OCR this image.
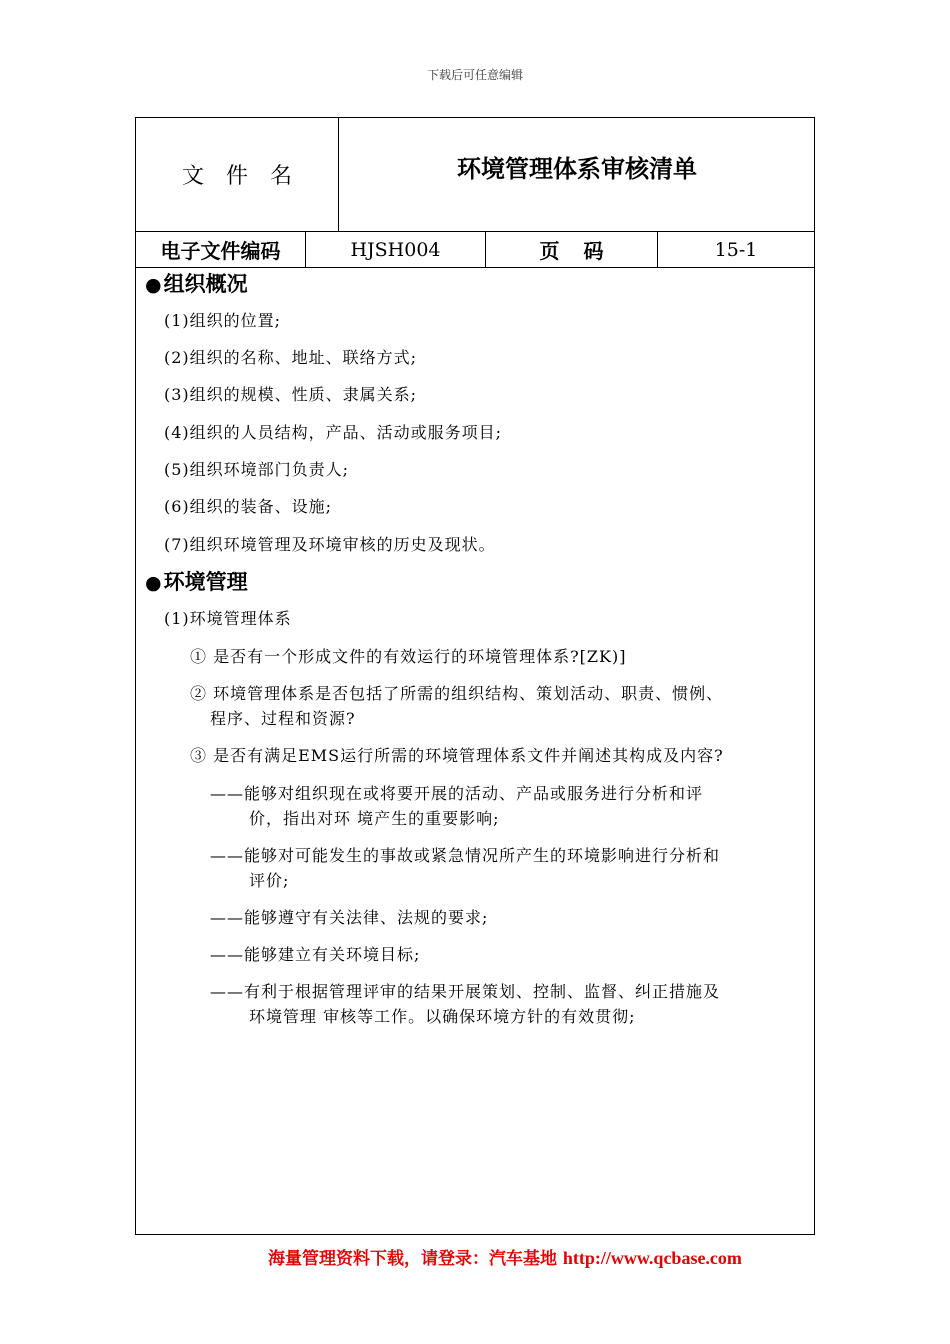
下载后可任意编辑
文件名	环境管理体系审核清单
电子文件编码	HJSH004	页码	15-1
●组织概况
(1)组织的位置;
(2)组织的名称、地址、联络方式;
(3)组织的规模、性质、隶属关系;
(4)组织的人员结构，产品、活动或服务项目;
(5)组织环境部门负责人;
(6)组织的装备、设施;
(7)组织环境管理及环境审核的历史及现状。
●环境管理
(1)环境管理体系
① 是否有一个形成文件的有效运行的环境管理体系?[ZK)]
② 环境管理体系是否包括了所需的组织结构、策划活动、职责、惯例、
程序、过程和资源?
③ 是否有满足EMS运行所需的环境管理体系文件并阐述其构成及内容?
——能够对组织现在或将要开展的活动、产品或服务进行分析和评
价，指出对环 境产生的重要影响;
——能够对可能发生的事故或紧急情况所产生的环境影响进行分析和
评价;
——能够遵守有关法律、法规的要求;
——能够建立有关环境目标;
——有利于根据管理评审的结果开展策划、控制、监督、纠正措施及
环境管理 审核等工作。以确保环境方针的有效贯彻;
海量管理资料下载，请登录：汽车基地 http://www.qcbase.com
